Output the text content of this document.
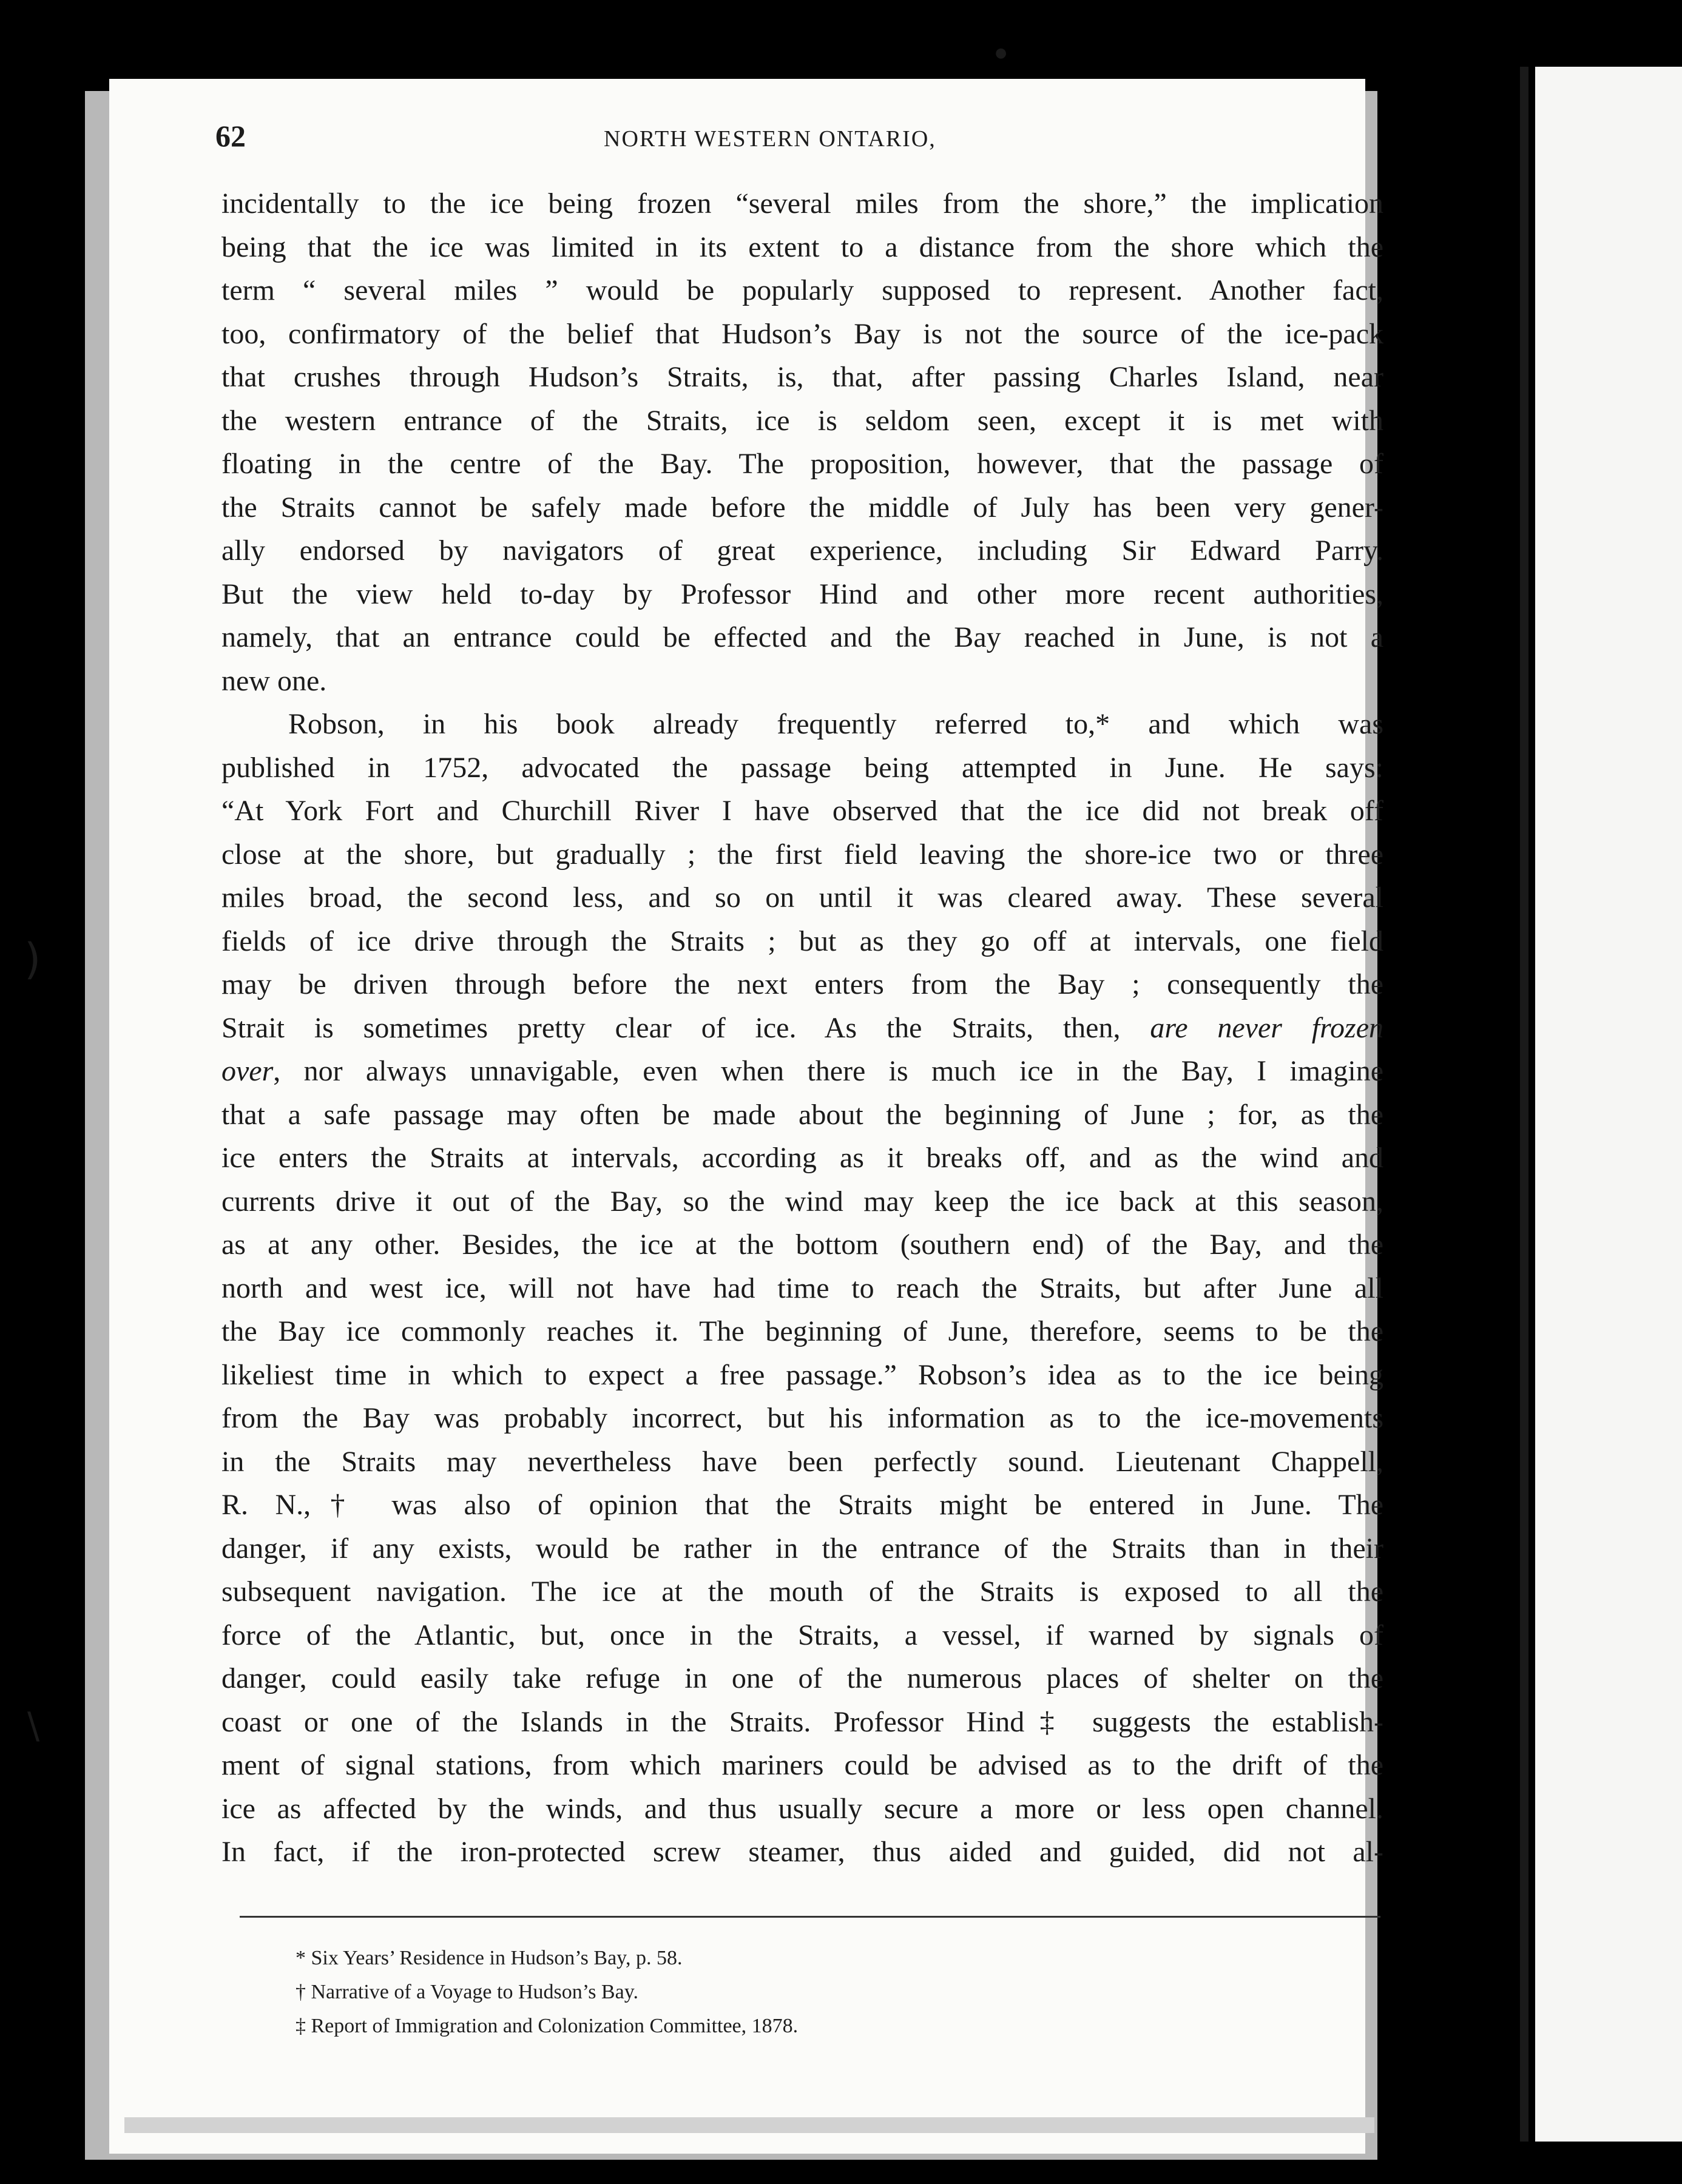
)
\
●
62	NORTH WESTERN ONTARIO,
incidentally to the ice being frozen “several miles from the shore,” the implication
being that the ice was limited in its extent to a distance from the shore which the
term “ several miles ” would be popularly supposed to represent. Another fact,
too, confirmatory of the belief that Hudson’s Bay is not the source of the ice-pack
that crushes through Hudson’s Straits, is, that, after passing Charles Island, near
the western entrance of the Straits, ice is seldom seen, except it is met with
floating in the centre of the Bay. The proposition, however, that the passage of
the Straits cannot be safely made before the middle of July has been very gener-
ally endorsed by navigators of great experience, including Sir Edward Parry.
But the view held to-day by Professor Hind and other more recent authorities,
namely, that an entrance could be effected and the Bay reached in June, is not a
new one.
Robson, in his book already frequently referred to,* and which was
published in 1752, advocated the passage being attempted in June. He says:
“At York Fort and Churchill River I have observed that the ice did not break off
close at the shore, but gradually ; the first field leaving the shore-ice two or three
miles broad, the second less, and so on until it was cleared away. These several
fields of ice drive through the Straits ; but as they go off at intervals, one field
may be driven through before the next enters from the Bay ; consequently the
Strait is sometimes pretty clear of ice. As the Straits, then, are never frozen
over, nor always unnavigable, even when there is much ice in the Bay, I imagine
that a safe passage may often be made about the beginning of June ; for, as the
ice enters the Straits at intervals, according as it breaks off, and as the wind and
currents drive it out of the Bay, so the wind may keep the ice back at this season,
as at any other. Besides, the ice at the bottom (southern end) of the Bay, and the
north and west ice, will not have had time to reach the Straits, but after June all
the Bay ice commonly reaches it. The beginning of June, therefore, seems to be the
likeliest time in which to expect a free passage.” Robson’s idea as to the ice being
from the Bay was probably incorrect, but his information as to the ice-movements
in the Straits may nevertheless have been perfectly sound. Lieutenant Chappell,
R. N.,† was also of opinion that the Straits might be entered in June. The
danger, if any exists, would be rather in the entrance of the Straits than in their
subsequent navigation. The ice at the mouth of the Straits is exposed to all the
force of the Atlantic, but, once in the Straits, a vessel, if warned by signals of
danger, could easily take refuge in one of the numerous places of shelter on the
coast or one of the Islands in the Straits. Professor Hind‡ suggests the establish-
ment of signal stations, from which mariners could be advised as to the drift of the
ice as affected by the winds, and thus usually secure a more or less open channel.
In fact, if the iron-protected screw steamer, thus aided and guided, did not al-
* Six Years’ Residence in Hudson’s Bay, p. 58.
† Narrative of a Voyage to Hudson’s Bay.
‡ Report of Immigration and Colonization Committee, 1878.
